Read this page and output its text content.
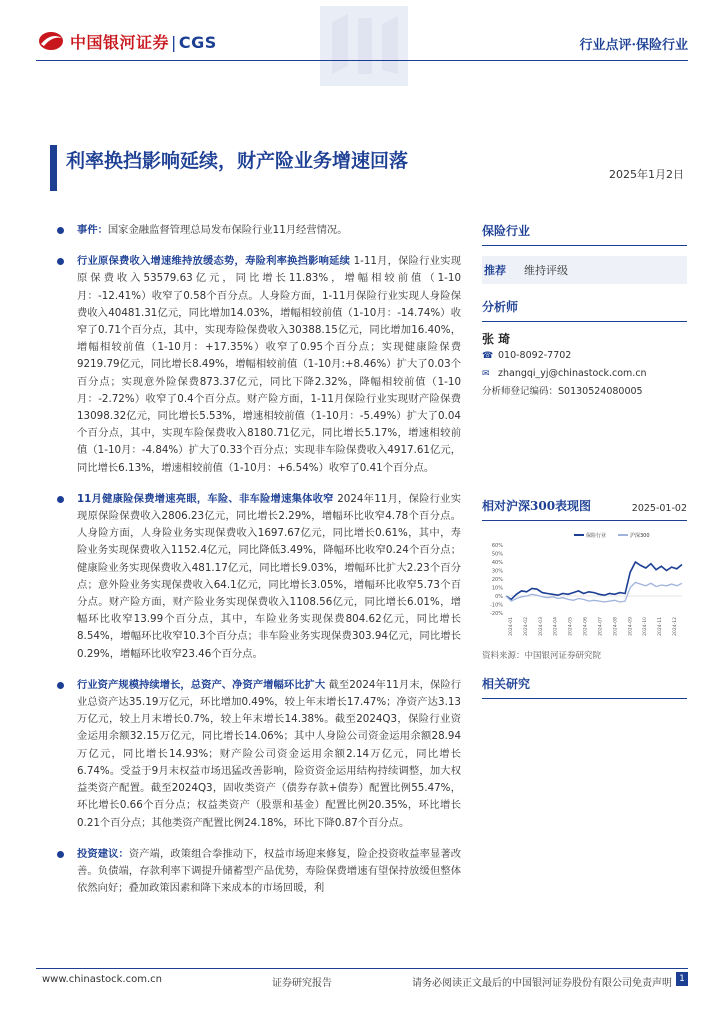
中国银河证券 | CGS	行业点评·保险行业
利率换挡影响延续，财产险业务增速回落
2025年1月2日

事件：国家金融监督管理总局发布保险行业11月经营情况。

行业原保费收入增速维持放缓态势，寿险利率换挡影响延续 1-11月，保险行业实现原保费收入53579.63亿元，同比增长11.83%，增幅相较前值（1-10月：-12.41%）收窄了0.58个百分点。人身险方面，1-11月保险行业实现人身险保费收入40481.31亿元，同比增加14.03%，增幅相较前值（1-10月：-14.74%）收窄了0.71个百分点，其中，实现寿险保费收入30388.15亿元，同比增加16.40%，增幅相较前值（1-10月：+17.35%）收窄了0.95个百分点；实现健康险保费9219.79亿元，同比增长8.49%，增幅相较前值（1-10月:+8.46%）扩大了0.03个百分点；实现意外险保费873.37亿元，同比下降2.32%，降幅相较前值（1-10月：-2.72%）收窄了0.4个百分点。财产险方面，1-11月保险行业实现财产险保费13098.32亿元，同比增长5.53%，增速相较前值（1-10月：-5.49%）扩大了0.04个百分点，其中，实现车险保费收入8180.71亿元，同比增长5.17%，增速相较前值（1-10月：-4.84%）扩大了0.33个百分点；实现非车险保费收入4917.61亿元，同比增长6.13%，增速相较前值（1-10月：+6.54%）收窄了0.41个百分点。

11月健康险保费增速亮眼，车险、非车险增速集体收窄 2024年11月，保险行业实现原保险保费收入2806.23亿元，同比增长2.29%，增幅环比收窄4.78个百分点。人身险方面，人身险业务实现保费收入1697.67亿元，同比增长0.61%，其中，寿险业务实现保费收入1152.4亿元，同比降低3.49%，降幅环比收窄0.24个百分点；健康险业务实现保费收入481.17亿元，同比增长9.03%，增幅环比扩大2.23个百分点；意外险业务实现保费收入64.1亿元，同比增长3.05%，增幅环比收窄5.73个百分点。财产险方面，财产险业务实现保费收入1108.56亿元，同比增长6.01%，增幅环比收窄13.99个百分点，其中，车险业务实现保费804.62亿元，同比增长8.54%，增幅环比收窄10.3个百分点；非车险业务实现保费303.94亿元，同比增长0.29%，增幅环比收窄23.46个百分点。

行业资产规模持续增长，总资产、净资产增幅环比扩大 截至2024年11月末，保险行业总资产达35.19万亿元，环比增加0.49%，较上年末增长17.47%；净资产达3.13万亿元，较上月末增长0.7%，较上年末增长14.38%。截至2024Q3，保险行业资金运用余额32.15万亿元，同比增长14.06%；其中人身险公司资金运用余额28.94万亿元，同比增长14.93%；财产险公司资金运用余额2.14万亿元，同比增长6.74%。受益于9月末权益市场迅猛改善影响，险资资金运用结构持续调整，加大权益类资产配置。截至2024Q3，固收类资产（债券存款+债券）配置比例55.47%，环比增长0.66个百分点；权益类资产（股票和基金）配置比例20.35%，环比增长0.21个百分点；其他类资产配置比例24.18%，环比下降0.87个百分点。

投资建议：资产端，政策组合拳推动下，权益市场迎来修复，险企投资收益率显著改善。负债端，存款利率下调提升储蓄型产品优势，寿险保费增速有望保持放缓但整体依然向好；叠加政策因素和降下来成本的市场回暖，利

保险行业
推荐	维持评级
分析师
张 琦
☎ 010-8092-7702
✉ zhangqi_yj@chinastock.com.cn
分析师登记编码：S0130524080005
相对沪深300表现图	2025-01-02
60%
50%
40%
30%
20%
10%
0%
-10%
-20%
2024-01 2024-02 2024-03 2024-04 2024-05 2024-06 2024-07 2024-08 2024-09 2024-10 2024-11 2024-12
保险行业	沪深300
资料来源：中国银河证券研究院
相关研究
www.chinastock.com.cn	证券研究报告	请务必阅读正文最后的中国银河证券股份有限公司免责声明 1
